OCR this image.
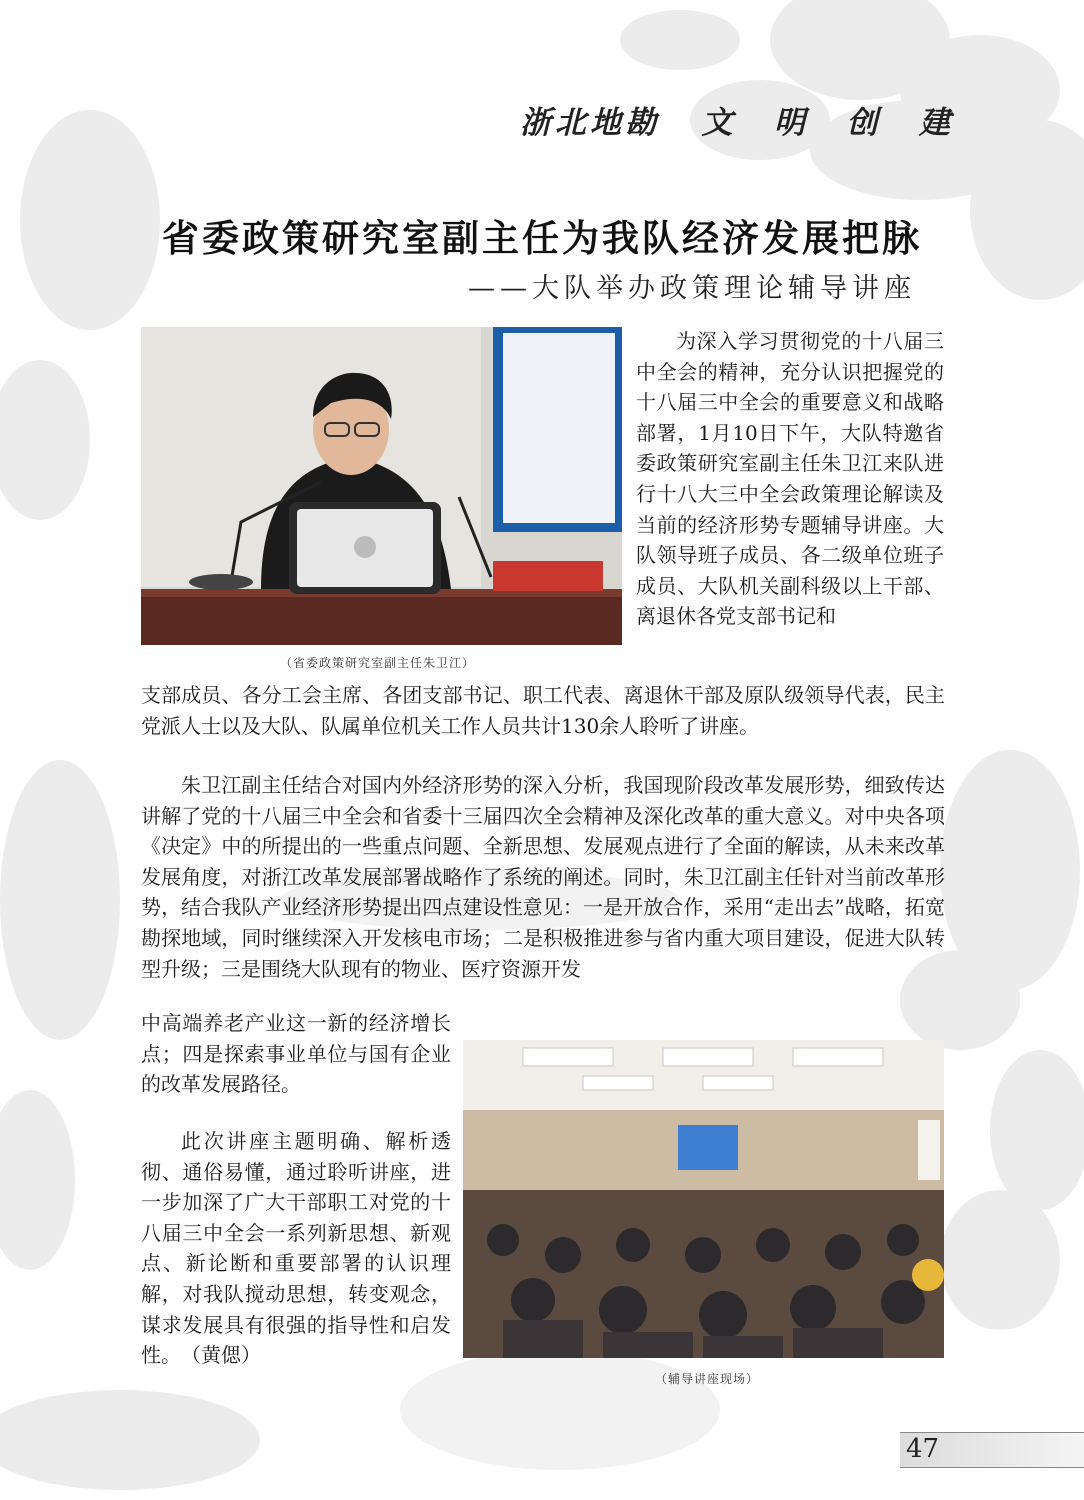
浙北地勘 文 明 创 建
省委政策研究室副主任为我队经济发展把脉
——大队举办政策理论辅导讲座
（省委政策研究室副主任朱卫江）
为深入学习贯彻党的十八届三中全会的精神，充分认识把握党的十八届三中全会的重要意义和战略部署，1月10日下午，大队特邀省委政策研究室副主任朱卫江来队进行十八大三中全会政策理论解读及当前的经济形势专题辅导讲座。大队领导班子成员、各二级单位班子成员、大队机关副科级以上干部、离退休各党支部书记和
支部成员、各分工会主席、各团支部书记、职工代表、离退休干部及原队级领导代表，民主党派人士以及大队、队属单位机关工作人员共计130余人聆听了讲座。
朱卫江副主任结合对国内外经济形势的深入分析，我国现阶段改革发展形势，细致传达讲解了党的十八届三中全会和省委十三届四次全会精神及深化改革的重大意义。对中央各项《决定》中的所提出的一些重点问题、全新思想、发展观点进行了全面的解读，从未来改革发展角度，对浙江改革发展部署战略作了系统的阐述。同时，朱卫江副主任针对当前改革形势，结合我队产业经济形势提出四点建设性意见：一是开放合作，采用“走出去”战略，拓宽勘探地域，同时继续深入开发核电市场；二是积极推进参与省内重大项目建设，促进大队转型升级；三是围绕大队现有的物业、医疗资源开发
中高端养老产业这一新的经济增长点；四是探索事业单位与国有企业的改革发展路径。
此次讲座主题明确、解析透彻、通俗易懂，通过聆听讲座，进一步加深了广大干部职工对党的十八届三中全会一系列新思想、新观点、新论断和重要部署的认识理解，对我队搅动思想，转变观念，谋求发展具有很强的指导性和启发性。　（黄偲）
（辅导讲座现场）
47
